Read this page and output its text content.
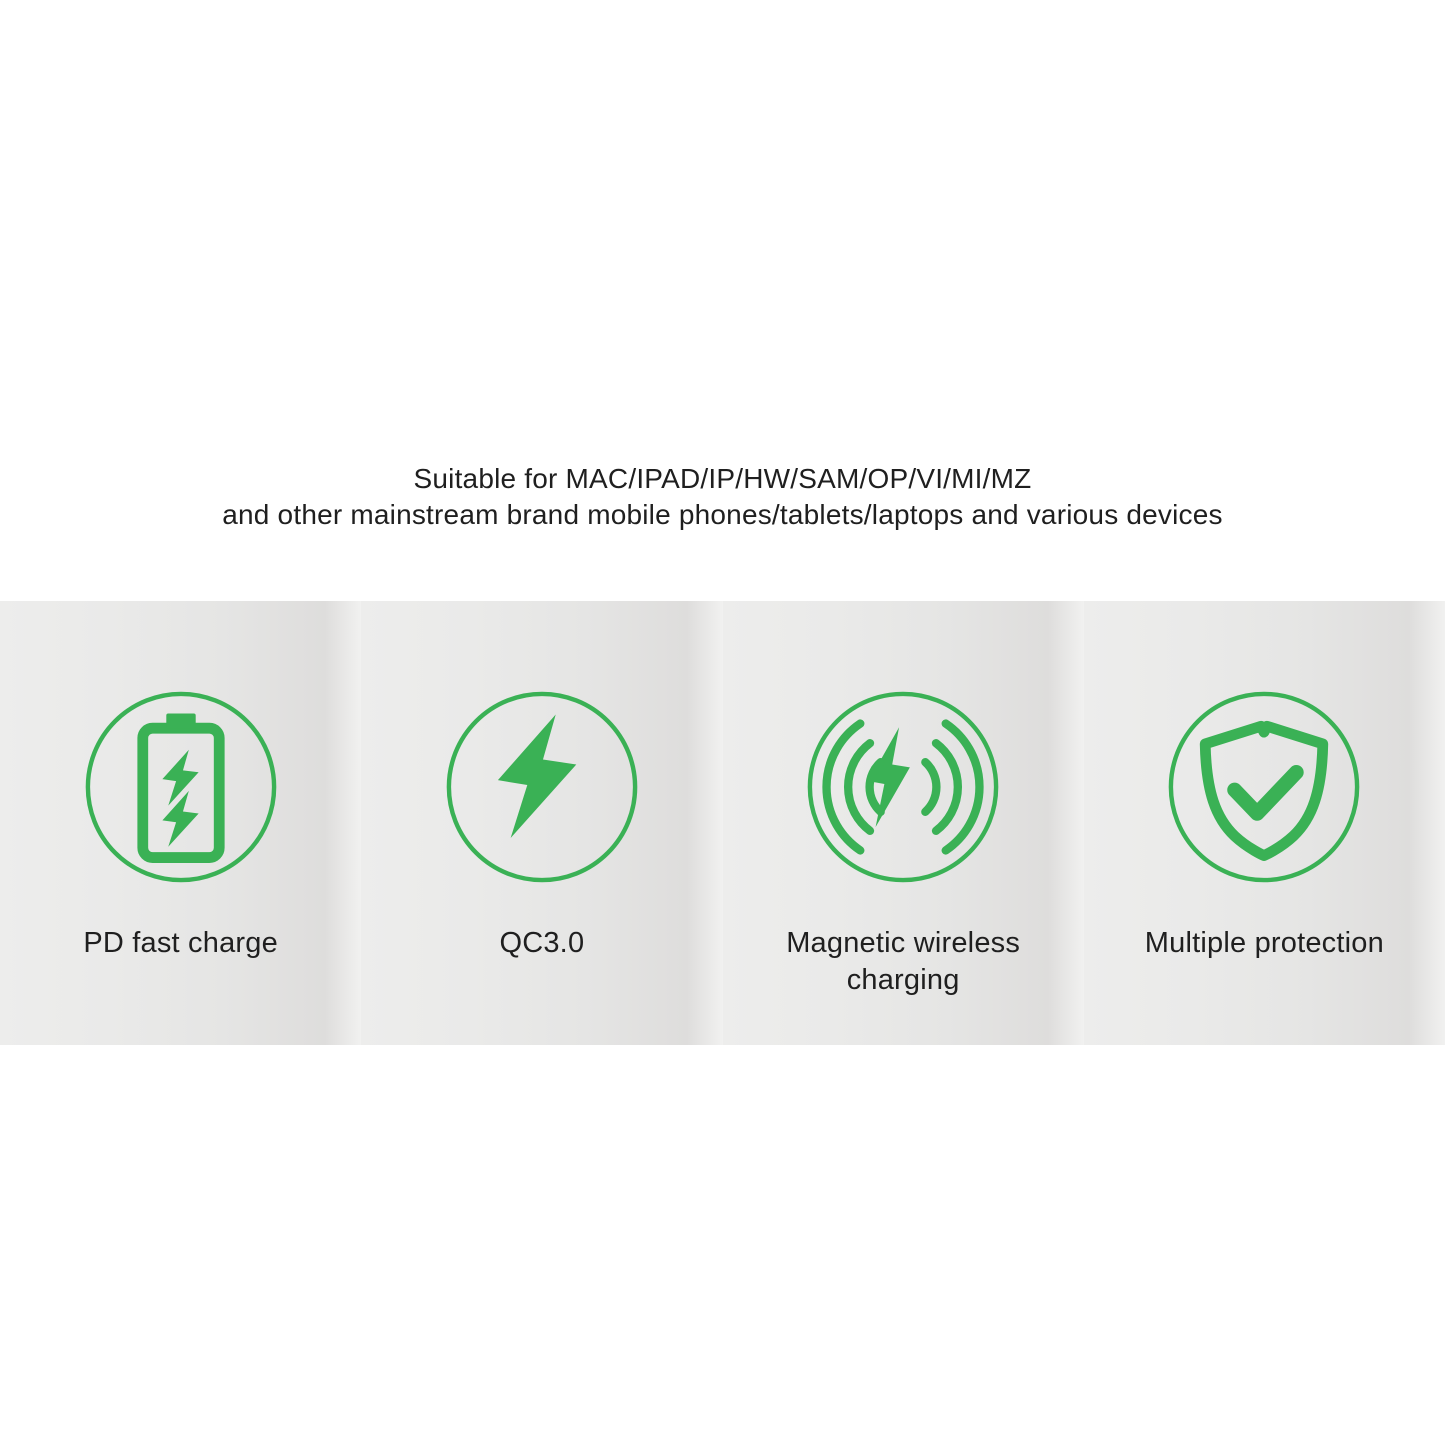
Suitable for MAC/IPAD/IP/HW/SAM/OP/VI/MI/MZ
and other mainstream brand mobile phones/tablets/laptops and various devices
PD fast charge	QC3.0	Magnetic wireless charging
Multiple protection
